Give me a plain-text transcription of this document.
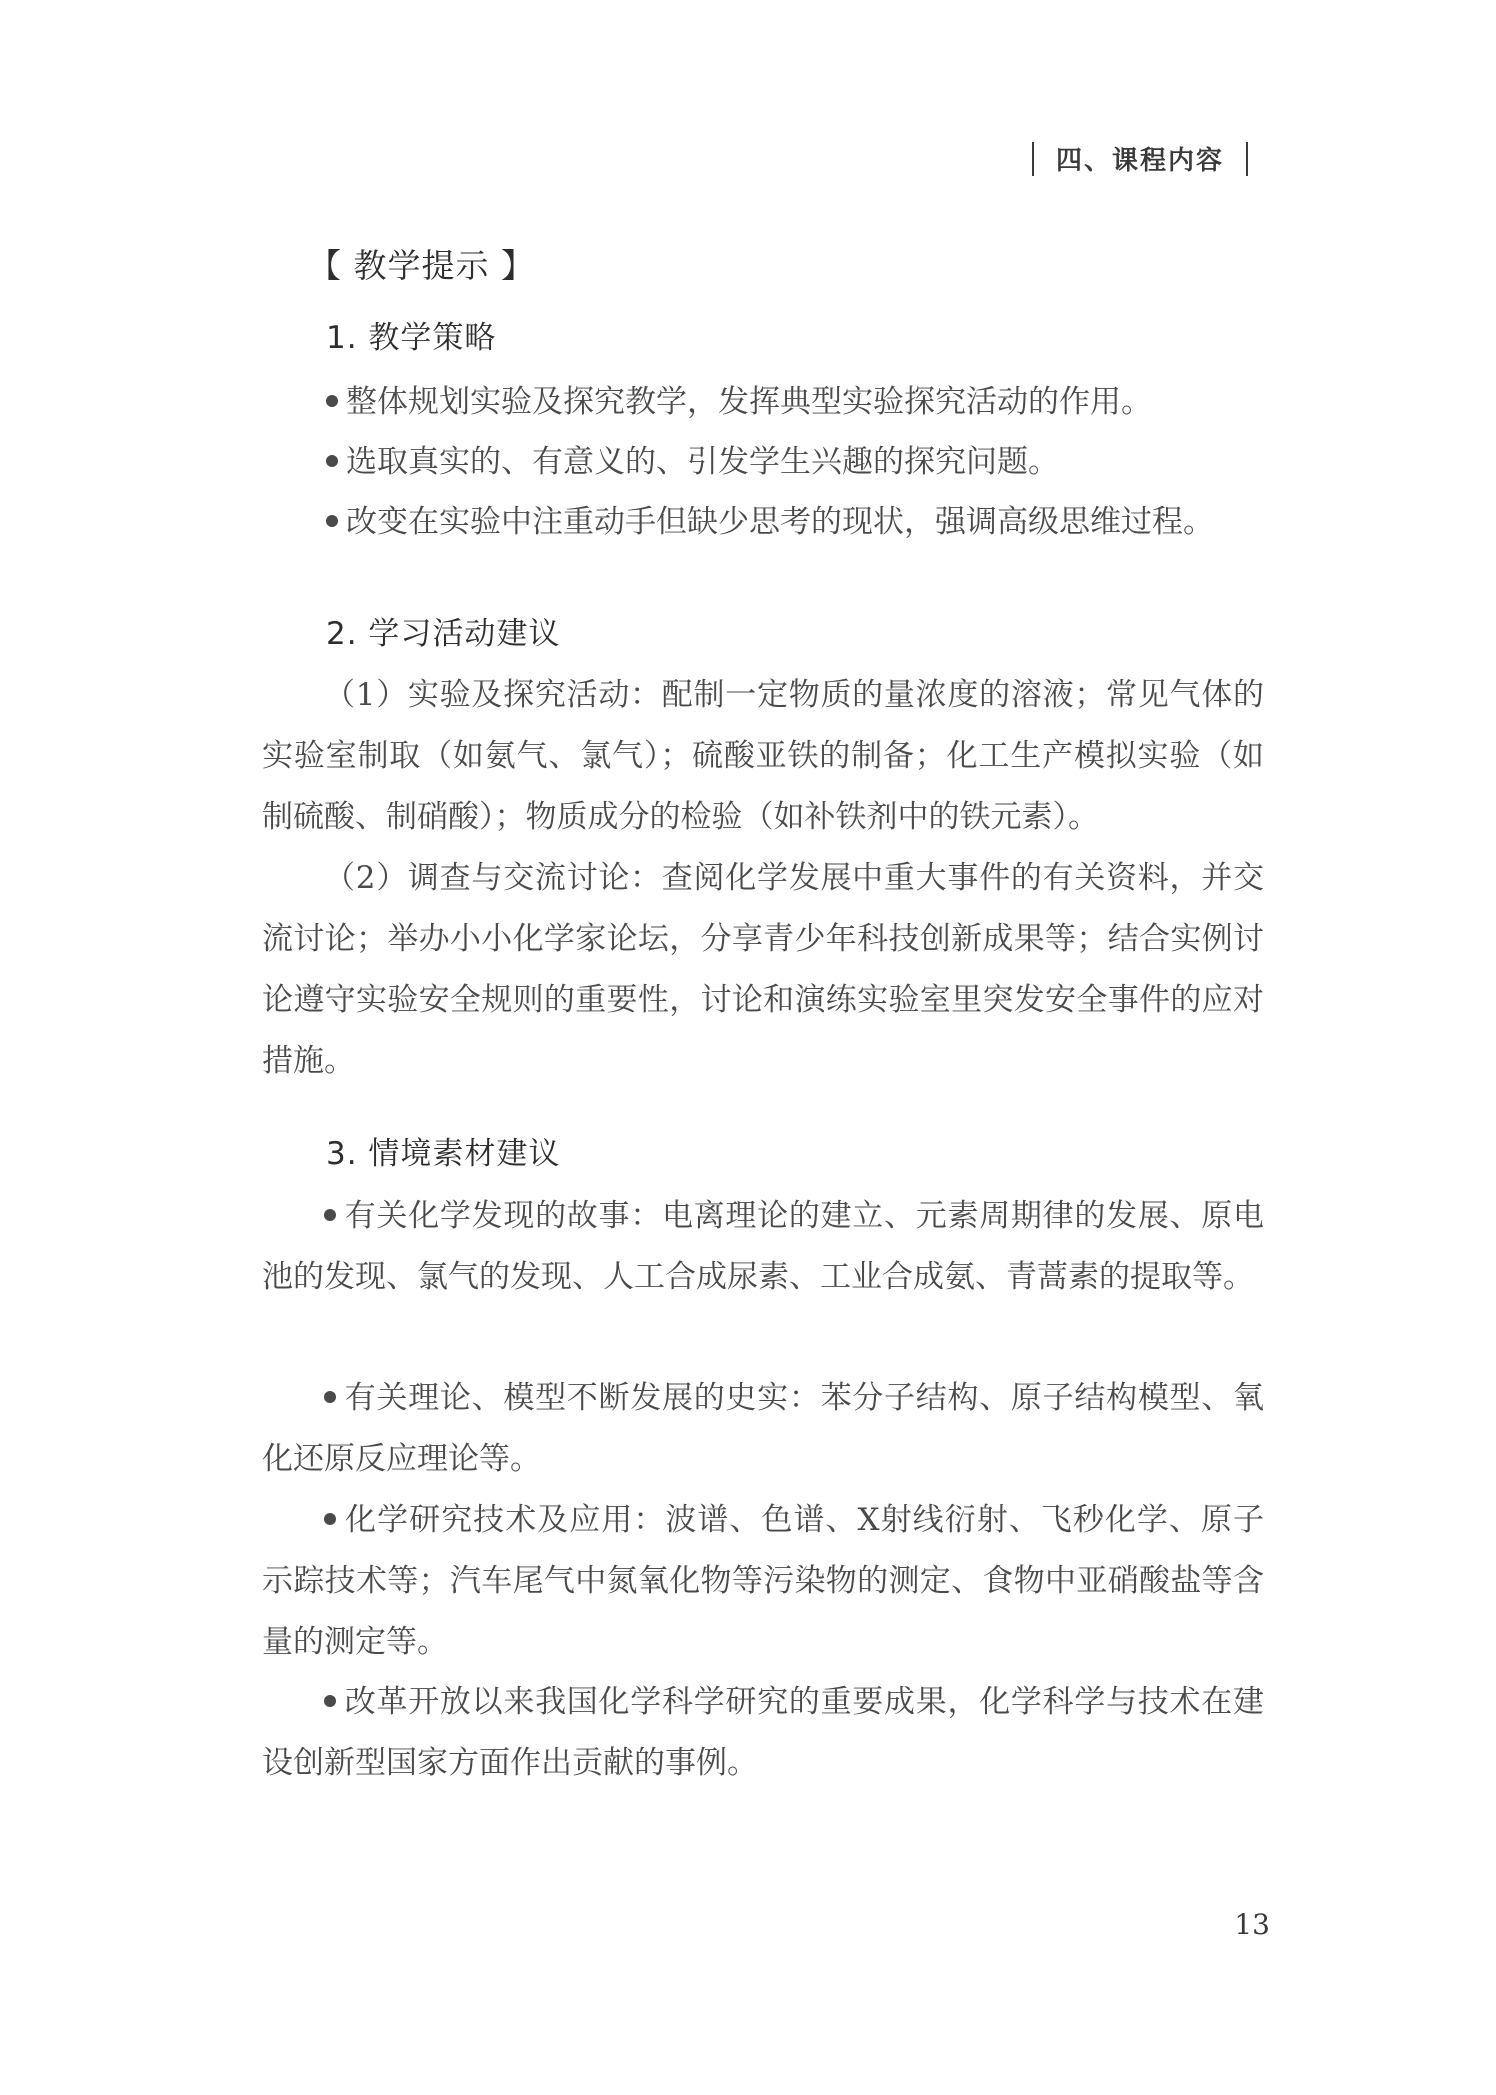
四、课程内容
【 教学提示 】
1. 教学策略
整体规划实验及探究教学，发挥典型实验探究活动的作用。
选取真实的、有意义的、引发学生兴趣的探究问题。
改变在实验中注重动手但缺少思考的现状，强调高级思维过程。
2. 学习活动建议
（1）实验及探究活动：配制一定物质的量浓度的溶液；常见气体的实验室制取（如氨气、氯气）；硫酸亚铁的制备；化工生产模拟实验（如制硫酸、制硝酸）；物质成分的检验（如补铁剂中的铁元素）。
（2）调查与交流讨论：查阅化学发展中重大事件的有关资料，并交流讨论；举办小小化学家论坛，分享青少年科技创新成果等；结合实例讨论遵守实验安全规则的重要性，讨论和演练实验室里突发安全事件的应对措施。
3. 情境素材建议
有关化学发现的故事：电离理论的建立、元素周期律的发展、原电池的发现、氯气的发现、人工合成尿素、工业合成氨、青蒿素的提取等。
有关理论、模型不断发展的史实：苯分子结构、原子结构模型、氧化还原反应理论等。
化学研究技术及应用：波谱、色谱、X射线衍射、飞秒化学、原子示踪技术等；汽车尾气中氮氧化物等污染物的测定、食物中亚硝酸盐等含量的测定等。
改革开放以来我国化学科学研究的重要成果，化学科学与技术在建设创新型国家方面作出贡献的事例。
13
